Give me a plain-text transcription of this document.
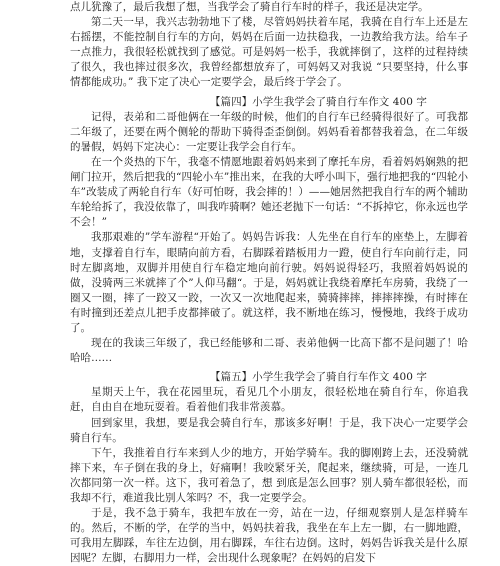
点儿犹豫了，最后我想了想，当我学会了骑自行车时的样子，我还是决定学。

第二天一早，我兴志勃勃地下了楼，尽管妈妈扶着车尾，我骑在自行车上还是左右摇摆，不能控制自行车的方向，妈妈在后面一边扶稳我，一边教给我方法。给车子一点推力，我很轻松就找到了感觉。可是妈妈一松手，我就摔倒了，这样的过程持续了很久，我也摔过很多次，我曾经都想放弃了，可妈妈又对我说 “只要坚持，什么事情都能成功。” 我下定了决心一定要学会，最后终于学会了。

【篇四】小学生我学会了骑自行车作文 400 字

记得，表弟和二哥他俩在一年级的时候，他们的自行车已经骑得很好了。可我都二年级了，还要在两个侧轮的帮助下骑得歪歪倒倒。妈妈看着都替我着急，在二年级的暑假，妈妈下定决心：一定要让我学会自行车。

在一个炎热的下午，我毫不情愿地跟着妈妈来到了摩托车房，看着妈妈娴熟的把闸门拉开，然后把我的“四轮小车”推出来，在我的大呼小叫下，强行地把我的“四轮小车”改装成了两轮自行车（好可怕呀，我会摔的！）——她居然把我自行车的两个辅助车轮给拆了，我没依靠了，叫我咋骑啊？她还老抛下一句话：“不拆掉它，你永远也学不会！”

我那艰难的”学车游程“开始了。妈妈告诉我：人先坐在自行车的座垫上，左脚着地，支撑着自行车，眼睛向前方看，右脚踩着踏板用力一蹬，使自行车向前行走，同时左脚离地，双脚并用使自行车稳定地向前行驶。妈妈说得轻巧，我照着妈妈说的做，没骑两三米就摔了个”人仰马翻“。于是，妈妈就让我绕着摩托车房骑，我绕了一圈又一圈，摔了一跤又一跤，一次又一次地爬起来，骑骑摔摔，摔摔摔操，有时摔在有时撞到还差点儿把手皮都摔破了。就这样，我不断地在练习，慢慢地，我终于成功了。

现在的我读三年级了，我已经能够和二哥、表弟他俩一比高下都不是问题了！哈哈哈……

【篇五】小学生我学会了骑自行车作文 400 字

星期天上午，我在花园里玩，看见几个小朋友，很轻松地在骑自行车，你追我赶，自由自在地玩耍着。看着他们我非常羡慕。

回到家里，我想，要是我会骑自行车，那该多好啊！于是，我下决心一定要学会骑自行车。

下午，我推着自行车来到人少的地方，开始学骑车。我的脚刚跨上去，还没骑就摔下来，车子倒在我的身上，好痛啊！我咬紧牙关，爬起来，继续骑，可是，一连几次都同第一次一样。这下，我可着急了，想 到底是怎么回事？别人骑车都很轻松，而我却不行，难道我比别人笨吗？不，我一定要学会。

于是，我不急于骑车，我把车放在一旁，站在一边，仔细观察别人是怎样骑车的。然后，不断的学，在学的当中，妈妈扶着我，我坐在车上左一脚，右一脚地蹬，可我用左脚踩，车往左边倒，用右脚踩，车往右边倒。这时，妈妈告诉我关是什么原因呢？左脚，右脚用力一样，会出现什么现象呢？在妈妈的启发下
